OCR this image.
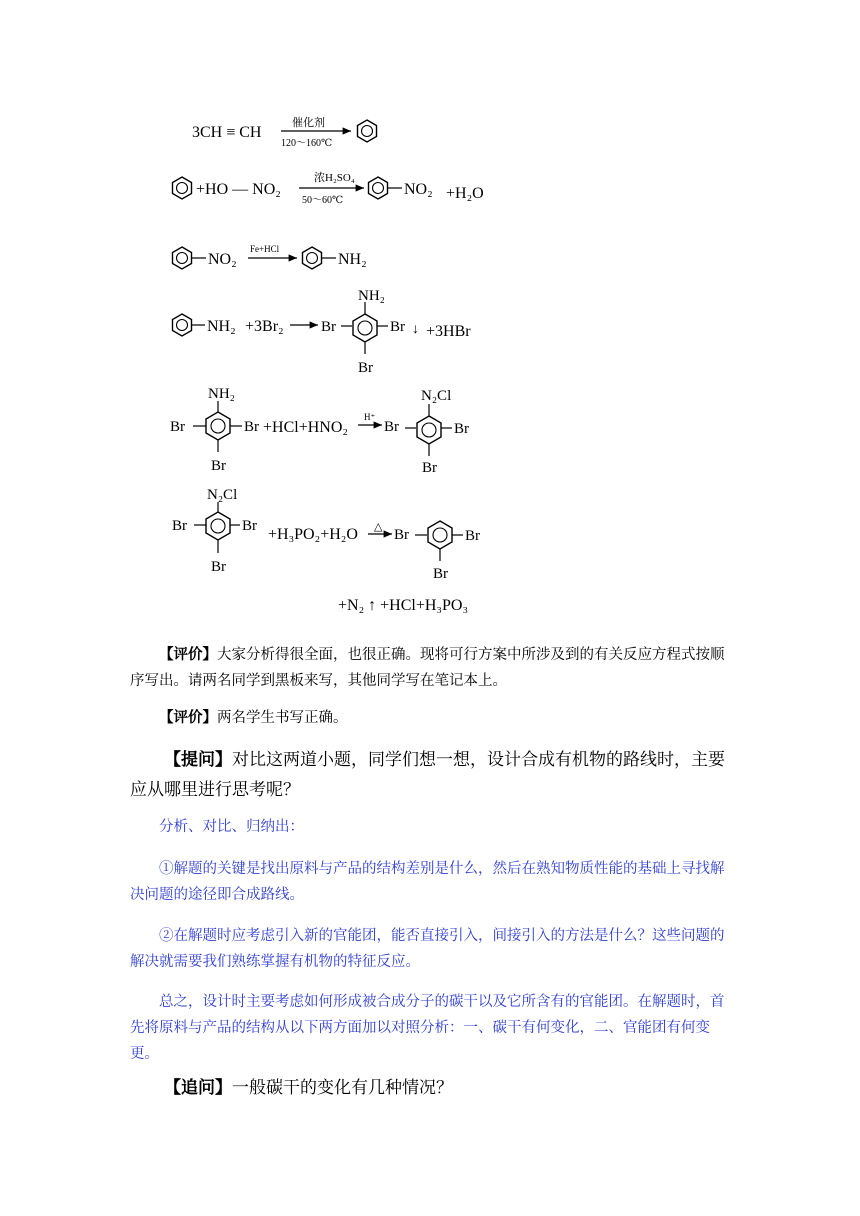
3CH ≡ CH
催化剂
120～160℃
+HO — NO₂
浓H₂SO₄
50～60℃
NO₂ +H₂O
NO₂
Fe+HCl
NH₂
NH₂ +3Br₂ Br
NH₂
Br ↓ +3HBr
Br
NH₂
Br	Br
Br
+HCl+HNO₂
H⁺
Br
N₂Cl
Br
Br
N₂Cl
Br	Br
Br
+H₃PO₂+H₂O △ Br	Br
Br
+N₂ ↑ +HCl+H₃PO₃
【评价】大家分析得很全面，也很正确。现将可行方案中所涉及到的有关反应方程式按顺序写出。请两名同学到黑板来写，其他同学写在笔记本上。
【评价】两名学生书写正确。
【提问】对比这两道小题，同学们想一想，设计合成有机物的路线时，主要应从哪里进行思考呢？
分析、对比、归纳出：
①解题的关键是找出原料与产品的结构差别是什么，然后在熟知物质性能的基础上寻找解决问题的途径即合成路线。
②在解题时应考虑引入新的官能团，能否直接引入，间接引入的方法是什么？这些问题的解决就需要我们熟练掌握有机物的特征反应。
总之，设计时主要考虑如何形成被合成分子的碳干以及它所含有的官能团。在解题时，首先将原料与产品的结构从以下两方面加以对照分析：一、碳干有何变化，二、官能团有何变更。
【追问】一般碳干的变化有几种情况？
